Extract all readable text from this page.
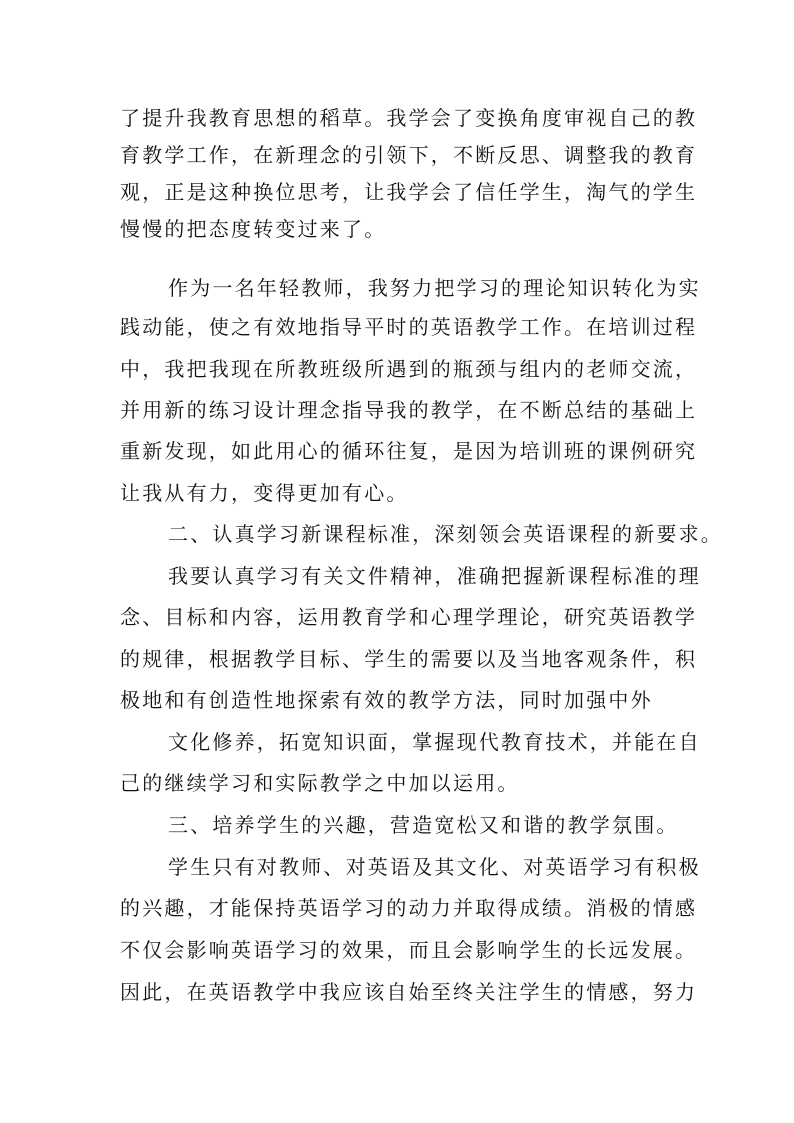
了提升我教育思想的稻草。我学会了变换角度审视自己的教
育教学工作，在新理念的引领下，不断反思、调整我的教育
观，正是这种换位思考，让我学会了信任学生，淘气的学生
慢慢的把态度转变过来了。
作为一名年轻教师，我努力把学习的理论知识转化为实
践动能，使之有效地指导平时的英语教学工作。在培训过程
中，我把我现在所教班级所遇到的瓶颈与组内的老师交流，
并用新的练习设计理念指导我的教学，在不断总结的基础上
重新发现，如此用心的循环往复，是因为培训班的课例研究
让我从有力，变得更加有心。
二、认真学习新课程标准，深刻领会英语课程的新要求。
我要认真学习有关文件精神，准确把握新课程标准的理
念、目标和内容，运用教育学和心理学理论，研究英语教学
的规律，根据教学目标、学生的需要以及当地客观条件，积
极地和有创造性地探索有效的教学方法，同时加强中外
文化修养，拓宽知识面，掌握现代教育技术，并能在自
己的继续学习和实际教学之中加以运用。
三、培养学生的兴趣，营造宽松又和谐的教学氛围。
学生只有对教师、对英语及其文化、对英语学习有积极
的兴趣，才能保持英语学习的动力并取得成绩。消极的情感
不仅会影响英语学习的效果，而且会影响学生的长远发展。
因此，在英语教学中我应该自始至终关注学生的情感，努力
